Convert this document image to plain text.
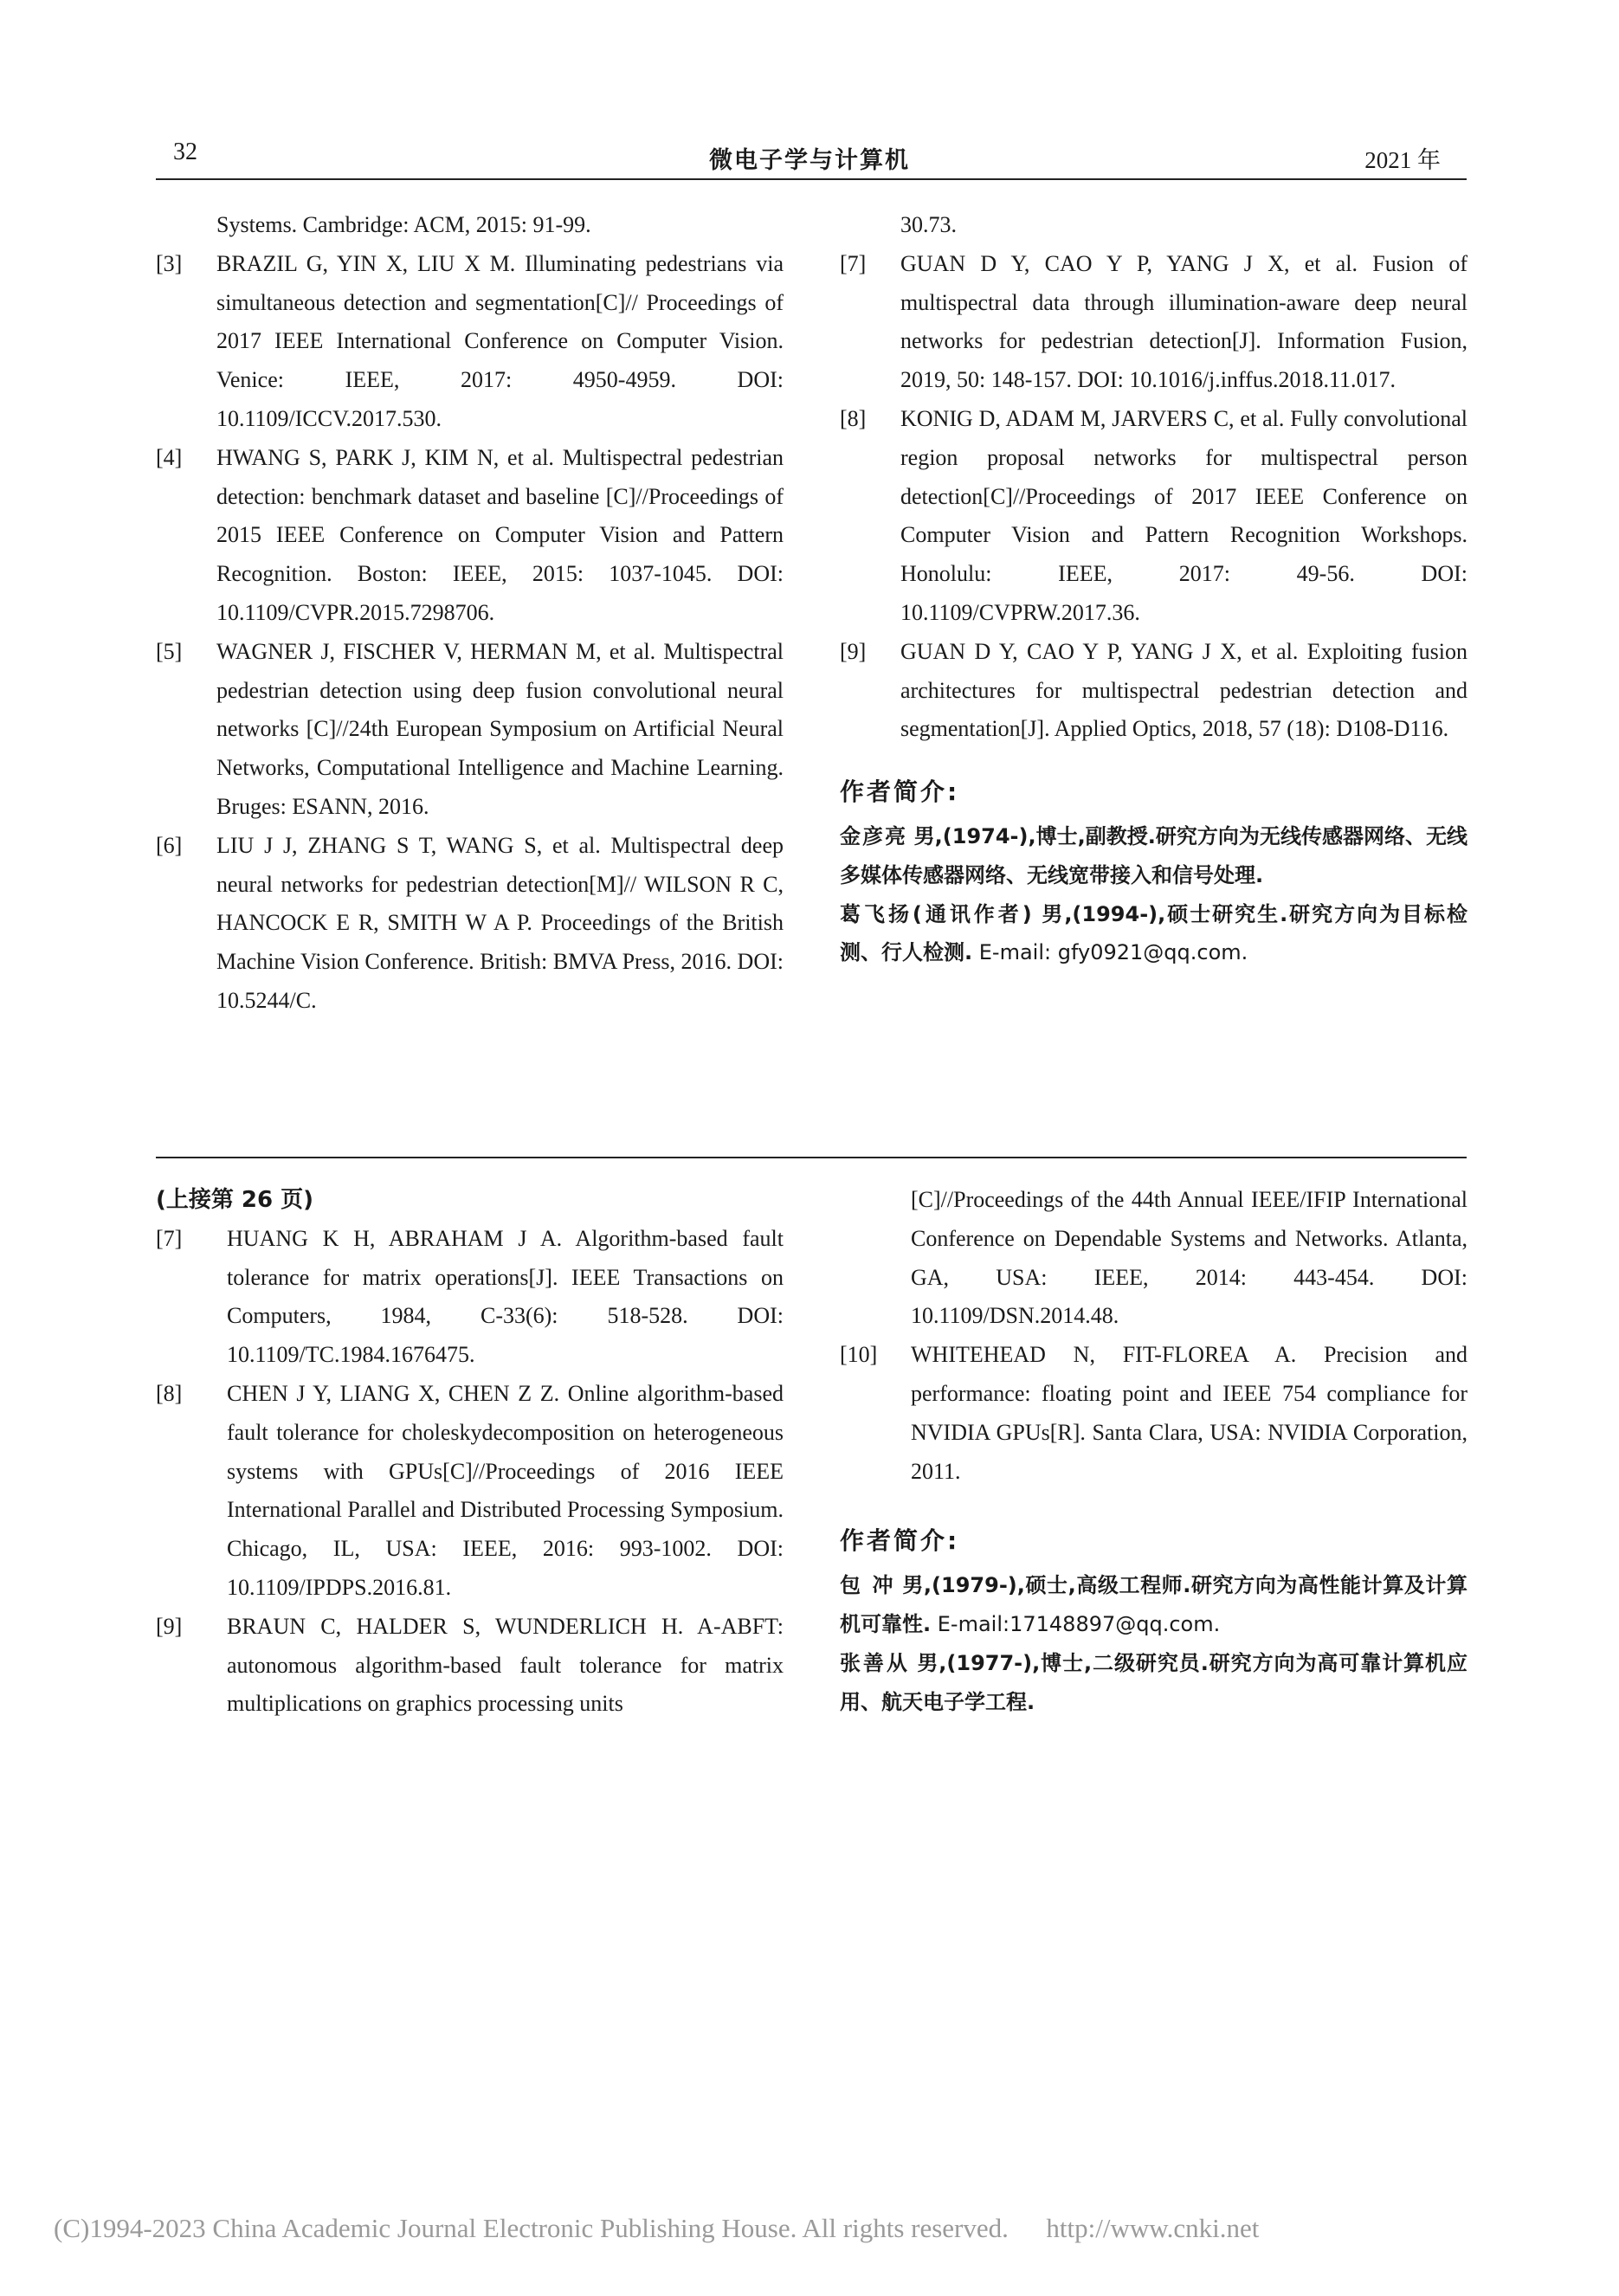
32	微电子学与计算机	2021 年
Systems. Cambridge: ACM, 2015: 91-99.
[3] BRAZIL G, YIN X, LIU X M. Illuminating pedestrians via simultaneous detection and segmentation[C]// Proceedings of 2017 IEEE International Conference on Computer Vision. Venice: IEEE, 2017: 4950-4959. DOI: 10.1109/ICCV.2017.530.
[4] HWANG S, PARK J, KIM N, et al. Multispectral pedestrian detection: benchmark dataset and baseline [C]//Proceedings of 2015 IEEE Conference on Computer Vision and Pattern Recognition. Boston: IEEE, 2015: 1037-1045. DOI: 10.1109/CVPR.2015.7298706.
[5] WAGNER J, FISCHER V, HERMAN M, et al. Multispectral pedestrian detection using deep fusion convolutional neural networks [C]//24th European Symposium on Artificial Neural Networks, Computational Intelligence and Machine Learning. Bruges: ESANN, 2016.
[6] LIU J J, ZHANG S T, WANG S, et al. Multispectral deep neural networks for pedestrian detection[M]// WILSON R C, HANCOCK E R, SMITH W A P. Proceedings of the British Machine Vision Conference. British: BMVA Press, 2016. DOI: 10.5244/C.
30.73.
[7] GUAN D Y, CAO Y P, YANG J X, et al. Fusion of multispectral data through illumination-aware deep neural networks for pedestrian detection[J]. Information Fusion, 2019, 50: 148-157. DOI: 10.1016/j.inffus.2018.11.017.
[8] KONIG D, ADAM M, JARVERS C, et al. Fully convolutional region proposal networks for multispectral person detection[C]//Proceedings of 2017 IEEE Conference on Computer Vision and Pattern Recognition Workshops. Honolulu: IEEE, 2017: 49-56. DOI: 10.1109/CVPRW.2017.36.
[9] GUAN D Y, CAO Y P, YANG J X, et al. Exploiting fusion architectures for multispectral pedestrian detection and segmentation[J]. Applied Optics, 2018, 57 (18): D108-D116.
作者简介:
金彦亮 男,(1974-),博士,副教授.研究方向为无线传感器网络、无线多媒体传感器网络、无线宽带接入和信号处理.
葛飞扬(通讯作者) 男,(1994-),硕士研究生.研究方向为目标检测、行人检测. E-mail: gfy0921@qq.com.
(上接第 26 页)
[7] HUANG K H, ABRAHAM J A. Algorithm-based fault tolerance for matrix operations[J]. IEEE Transactions on Computers, 1984, C-33(6): 518-528. DOI: 10.1109/TC.1984.1676475.
[8] CHEN J Y, LIANG X, CHEN Z Z. Online algorithm-based fault tolerance for choleskydecomposition on heterogeneous systems with GPUs[C]//Proceedings of 2016 IEEE International Parallel and Distributed Processing Symposium. Chicago, IL, USA: IEEE, 2016: 993-1002. DOI: 10.1109/IPDPS.2016.81.
[9] BRAUN C, HALDER S, WUNDERLICH H. A-ABFT: autonomous algorithm-based fault tolerance for matrix multiplications on graphics processing units
[C]//Proceedings of the 44th Annual IEEE/IFIP International Conference on Dependable Systems and Networks. Atlanta, GA, USA: IEEE, 2014: 443-454. DOI: 10.1109/DSN.2014.48.
[10] WHITEHEAD N, FIT-FLOREA A. Precision and performance: floating point and IEEE 754 compliance for NVIDIA GPUs[R]. Santa Clara, USA: NVIDIA Corporation, 2011.
作者简介:
包 冲 男,(1979-),硕士,高级工程师.研究方向为高性能计算及计算机可靠性. E-mail:17148897@qq.com.
张善从 男,(1977-),博士,二级研究员.研究方向为高可靠计算机应用、航天电子学工程.
(C)1994-2023 China Academic Journal Electronic Publishing House. All rights reserved. http://www.cnki.net
